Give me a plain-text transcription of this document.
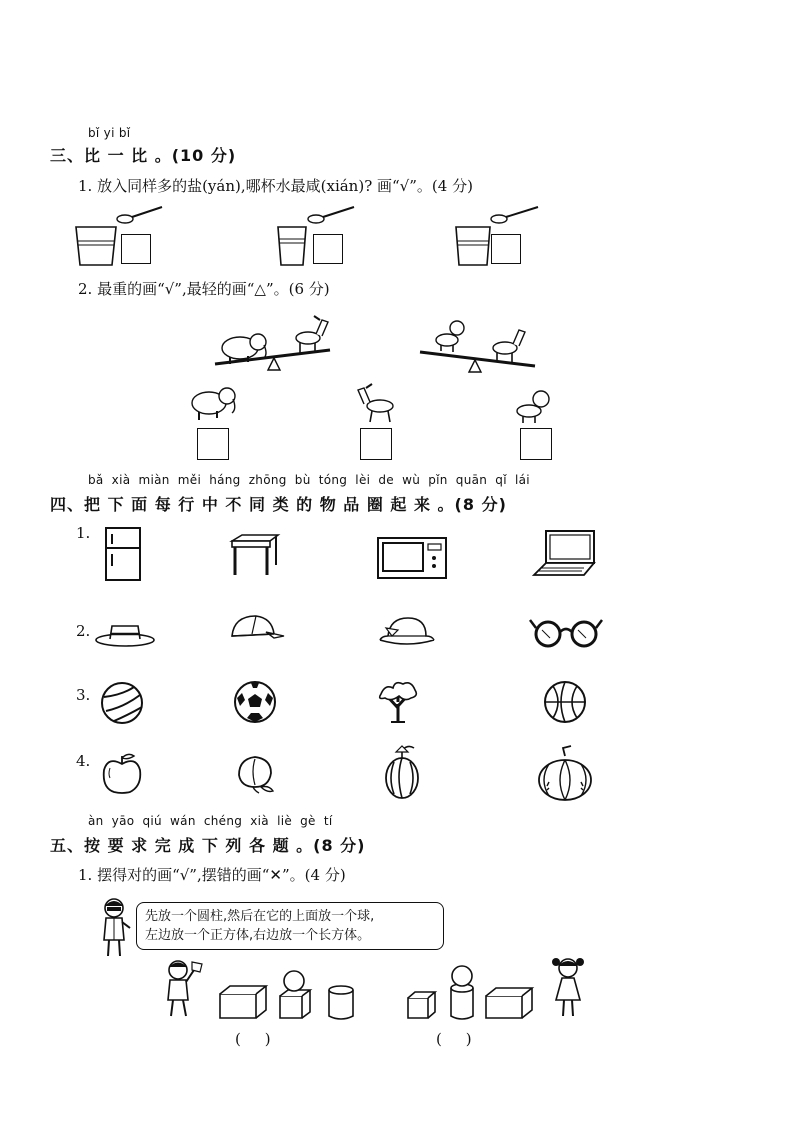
bǐ yi bǐ
三、比 一 比 。(10 分)
1. 放入同样多的盐(yán),哪杯水最咸(xián)? 画“√”。(4 分)
2. 最重的画“√”,最轻的画“△”。(6 分)
bǎ xià miàn měi háng zhōng bù tóng lèi de wù pǐn quān qǐ lái
四、把 下 面 每 行 中 不 同 类 的 物 品 圈 起 来 。(8 分)
1.
2.
3.
4.
àn yāo qiú wán chéng xià liè gè tí
五、按 要 求 完 成 下 列 各 题 。(8 分)
1. 摆得对的画“√”,摆错的画“✕”。(4 分)
先放一个圆柱,然后在它的上面放一个球,
左边放一个正方体,右边放一个长方体。
(     )	(     )
